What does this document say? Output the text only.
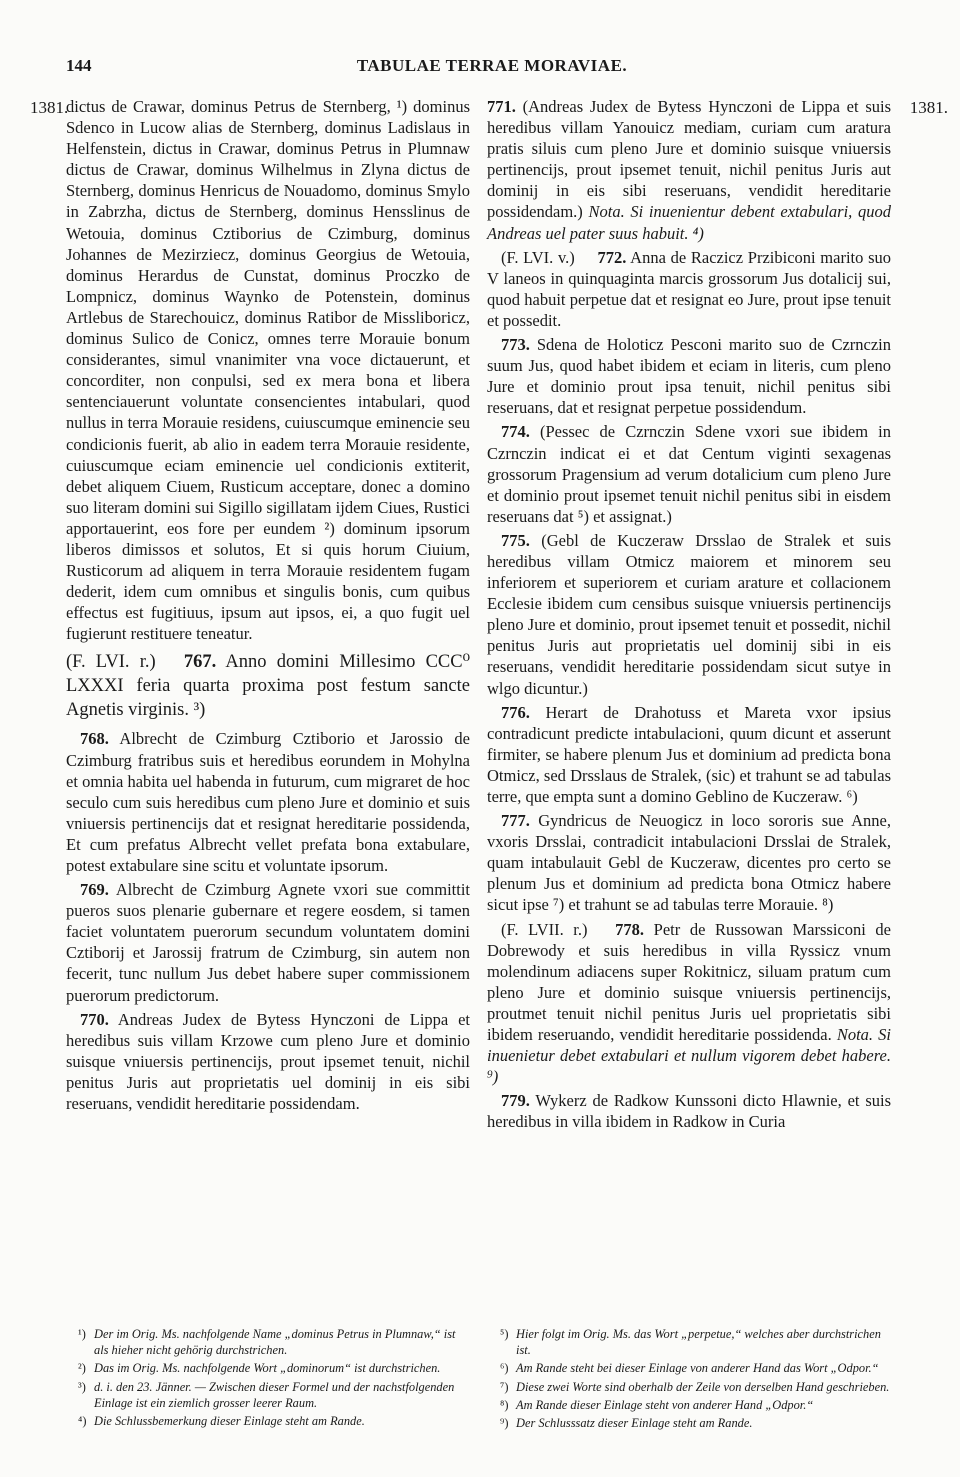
144	TABULAE TERRAE MORAVIAE.
1381.	1381.

dictus de Crawar, dominus Petrus de Sternberg, ¹) dominus Sdenco in Lucow alias de Sternberg, dominus Ladislaus in Helfenstein, dictus in Crawar, dominus Petrus in Plumnaw dictus de Crawar, dominus Wilhelmus in Zlyna dictus de Sternberg, dominus Henricus de Nouadomo, dominus Smylo in Zabrzha, dictus de Sternberg, dominus Hensslinus de Wetouia, dominus Cztiborius de Czimburg, dominus Johannes de Mezirziecz, dominus Georgius de Wetouia, dominus Herardus de Cunstat, dominus Proczko de Lompnicz, dominus Waynko de Potenstein, dominus Artlebus de Starechouicz, dominus Ratibor de Missliboricz, dominus Sulico de Conicz, omnes terre Morauie bonum considerantes, simul vnanimiter vna voce dictauerunt, et concorditer, non conpulsi, sed ex mera bona et libera sentenciauerunt voluntate consencientes intabulari, quod nullus in terra Morauie residens, cuiuscumque eminencie seu condicionis fuerit, ab alio in eadem terra Morauie residente, cuiuscumque eciam eminencie uel condicionis extiterit, debet aliquem Ciuem, Rusticum acceptare, donec a domino suo literam domini sui Sigillo sigillatam ijdem Ciues, Rustici apportauerint, eos fore per eundem ²) dominum ipsorum liberos dimissos et solutos, Et si quis horum Ciuium, Rusticorum ad aliquem in terra Morauie residentem fugam dederit, idem cum omnibus et singulis bonis, cum quibus effectus est fugitiuus, ipsum aut ipsos, ei, a quo fugit uel fugierunt restituere teneatur.

(F. LVI. r.) 767. Anno domini Millesimo CCC⁰ LXXXI feria quarta proxima post festum sancte Agnetis virginis. ³)

768. Albrecht de Czimburg Cztiborio et Jarossio de Czimburg fratribus suis et heredibus eorundem in Mohylna et omnia habita uel habenda in futurum, cum migraret de hoc seculo cum suis heredibus cum pleno Jure et dominio et suis vniuersis pertinencijs dat et resignat hereditarie possidenda, Et cum prefatus Albrecht vellet prefata bona extabulare, potest extabulare sine scitu et voluntate ipsorum.

769. Albrecht de Czimburg Agnete vxori sue committit pueros suos plenarie gubernare et regere eosdem, si tamen faciet voluntatem puerorum secundum voluntatem domini Cztiborij et Jarossij fratrum de Czimburg, sin autem non fecerit, tunc nullum Jus debet habere super commissionem puerorum predictorum.

770. Andreas Judex de Bytess Hynczoni de Lippa et heredibus suis villam Krzowe cum pleno Jure et dominio suisque vniuersis pertinencijs, prout ipsemet tenuit, nichil penitus Juris aut proprietatis uel dominij in eis sibi reseruans, vendidit hereditarie possidendam.

771. (Andreas Judex de Bytess Hynczoni de Lippa et suis heredibus villam Yanouicz mediam, curiam cum aratura pratis siluis cum pleno Jure et dominio suisque vniuersis pertinencijs, prout ipsemet tenuit, nichil penitus Juris aut dominij in eis sibi reseruans, vendidit hereditarie possidendam.) Nota. Si inuenientur debent extabulari, quod Andreas uel pater suus habuit. ⁴)

(F. LVI. v.) 772. Anna de Raczicz Przibiconi marito suo V laneos in quinquaginta marcis grossorum Jus dotalicij sui, quod habuit perpetue dat et resignat eo Jure, prout ipse tenuit et possedit.

773. Sdena de Holoticz Pesconi marito suo de Czrnczin suum Jus, quod habet ibidem et eciam in literis, cum pleno Jure et dominio prout ipsa tenuit, nichil penitus sibi reseruans, dat et resignat perpetue possidendum.

774. (Pessec de Czrnczin Sdene vxori sue ibidem in Czrnczin indicat ei et dat Centum viginti sexagenas grossorum Pragensium ad verum dotalicium cum pleno Jure et dominio prout ipsemet tenuit nichil penitus sibi in eisdem reseruans dat ⁵) et assignat.)

775. (Gebl de Kuczeraw Drsslao de Stralek et suis heredibus villam Otmicz maiorem et minorem seu inferiorem et superiorem et curiam arature et collacionem Ecclesie ibidem cum censibus suisque vniuersis pertinencijs pleno Jure et dominio, prout ipsemet tenuit et possedit, nichil penitus Juris aut proprietatis uel dominij sibi in eis reseruans, vendidit hereditarie possidendam sicut sutye in wlgo dicuntur.)

776. Herart de Drahotuss et Mareta vxor ipsius contradicunt predicte intabulacioni, quum dicunt et asserunt firmiter, se habere plenum Jus et dominium ad predicta bona Otmicz, sed Drsslaus de Stralek, (sic) et trahunt se ad tabulas terre, que empta sunt a domino Geblino de Kuczeraw. ⁶)

777. Gyndricus de Neuogicz in loco sororis sue Anne, vxoris Drsslai, contradicit intabulacioni Drsslai de Stralek, quam intabulauit Gebl de Kuczeraw, dicentes pro certo se plenum Jus et dominium ad predicta bona Otmicz habere sicut ipse ⁷) et trahunt se ad tabulas terre Morauie. ⁸)

(F. LVII. r.) 778. Petr de Russowan Marssiconi de Dobrewody et suis heredibus in villa Ryssicz vnum molendinum adiacens super Rokitnicz, siluam pratum cum pleno Jure et dominio suisque vniuersis pertinencijs, proutmet tenuit nichil penitus Juris uel proprietatis sibi ibidem reseruando, vendidit hereditarie possidenda. Nota. Si inuenietur debet extabulari et nullum vigorem debet habere. ⁹)

779. Wykerz de Radkow Kunssoni dicto Hlawnie, et suis heredibus in villa ibidem in Radkow in Curia

¹) Der im Orig. Ms. nachfolgende Name „dominus Petrus in Plumnaw,“ ist als hieher nicht gehörig durchstrichen.
²) Das im Orig. Ms. nachfolgende Wort „dominorum“ ist durchstrichen.
³) d. i. den 23. Jänner. — Zwischen dieser Formel und der nachstfolgenden Einlage ist ein ziemlich grosser leerer Raum.
⁴) Die Schlussbemerkung dieser Einlage steht am Rande.
⁵) Hier folgt im Orig. Ms. das Wort „perpetue,“ welches aber durchstrichen ist.
⁶) Am Rande steht bei dieser Einlage von anderer Hand das Wort „Odpor.“
⁷) Diese zwei Worte sind oberhalb der Zeile von derselben Hand geschrieben.
⁸) Am Rande dieser Einlage steht von anderer Hand „Odpor.“
⁹) Der Schlusssatz dieser Einlage steht am Rande.
